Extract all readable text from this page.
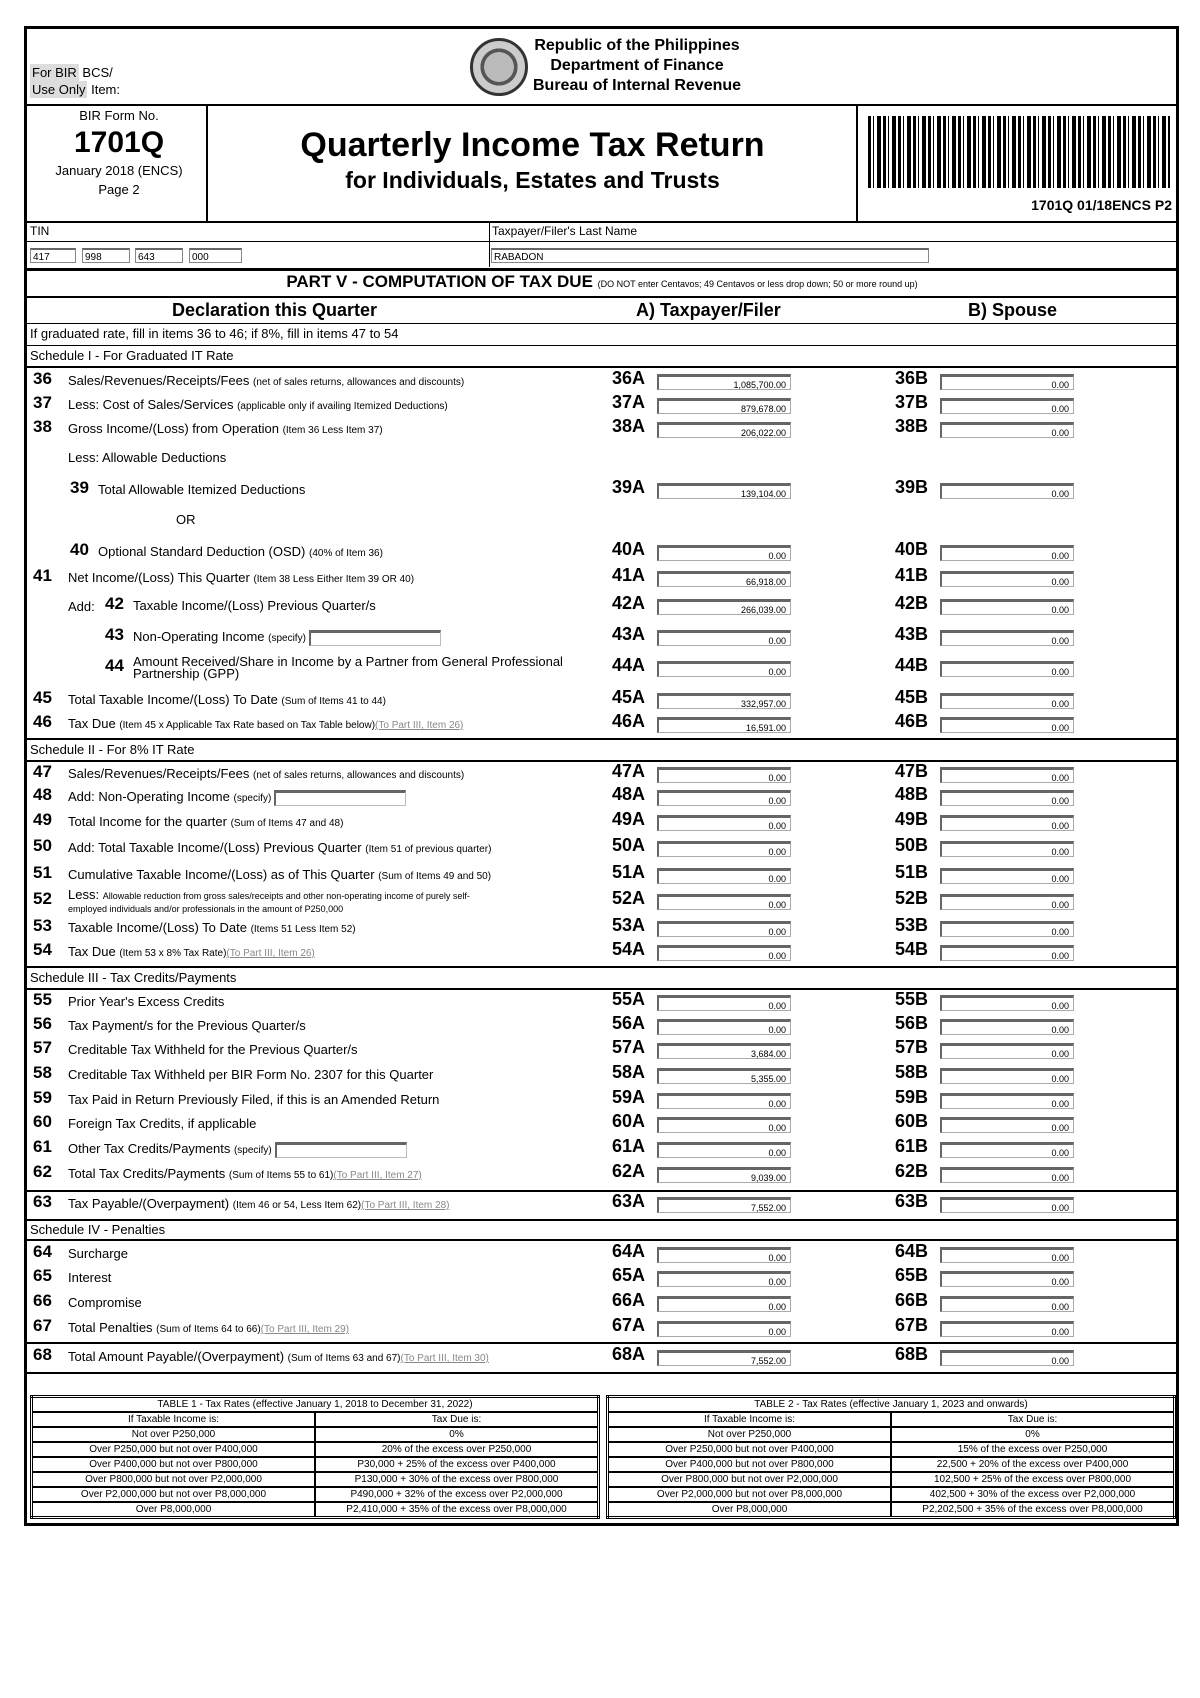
For BIR BCS/
Use Only Item:
Republic of the Philippines
Department of Finance
Bureau of Internal Revenue
BIR Form No.
1701Q
January 2018 (ENCS)
Page 2
Quarterly Income Tax Return
for Individuals, Estates and Trusts
1701Q 01/18ENCS P2
TIN	Taxpayer/Filer's Last Name
417	998	643	000	RABADON
PART V - COMPUTATION OF TAX DUE (DO NOT enter Centavos; 49 Centavos or less drop down; 50 or more round up)
Declaration this Quarter	A) Taxpayer/Filer	B) Spouse
If graduated rate, fill in items 36 to 46; if 8%, fill in items 47 to 54
Schedule I - For Graduated IT Rate
Less: Allowable Deductions
OR
Add:
Schedule II - For 8% IT Rate
Schedule III - Tax Credits/Payments
Schedule IV - Penalties
36 Sales/Revenues/Receipts/Fees (net of sales returns, allowances and discounts)	36A	1,085,700.00	36B	0.00
37 Less: Cost of Sales/Services (applicable only if availing Itemized Deductions)	37A	879,678.00	37B	0.00
38 Gross Income/(Loss) from Operation (Item 36 Less Item 37)	38A	206,022.00	38B	0.00
39 Total Allowable Itemized Deductions	39A	139,104.00	39B	0.00
40 Optional Standard Deduction (OSD) (40% of Item 36)	40A	0.00	40B	0.00
41 Net Income/(Loss) This Quarter (Item 38 Less Either Item 39 OR 40)	41A	66,918.00	41B	0.00
42 Taxable Income/(Loss) Previous Quarter/s	42A	266,039.00	42B	0.00
43 Non-Operating Income (specify)	43A	0.00	43B	0.00
44 Amount Received/Share in Income by a Partner from General Professional Partnership (GPP)	44A	0.00	44B	0.00
45 Total Taxable Income/(Loss) To Date (Sum of Items 41 to 44)	45A	332,957.00	45B	0.00
46 Tax Due (Item 45 x Applicable Tax Rate based on Tax Table below)(To Part III, Item 26)	46A	16,591.00	46B	0.00
47 Sales/Revenues/Receipts/Fees (net of sales returns, allowances and discounts)	47A	0.00	47B	0.00
48 Add: Non-Operating Income (specify)	48A	0.00	48B	0.00
49 Total Income for the quarter (Sum of Items 47 and 48)	49A	0.00	49B	0.00
50 Add: Total Taxable Income/(Loss) Previous Quarter (Item 51 of previous quarter)	50A	0.00	50B	0.00
51 Cumulative Taxable Income/(Loss) as of This Quarter (Sum of Items 49 and 50)	51A	0.00	51B	0.00
52 Less: Allowable reduction from gross sales/receipts and other non-operating income of purely self-employed individuals and/or professionals in the amount of P250,000
52A	0.00	52B	0.00
53 Taxable Income/(Loss) To Date (Items 51 Less Item 52)	53A	0.00	53B	0.00
54 Tax Due (Item 53 x 8% Tax Rate)(To Part III, Item 26)	54A	0.00	54B	0.00
55 Prior Year's Excess Credits	55A	0.00	55B	0.00
56 Tax Payment/s for the Previous Quarter/s	56A	0.00	56B	0.00
57 Creditable Tax Withheld for the Previous Quarter/s	57A	3,684.00	57B	0.00
58 Creditable Tax Withheld per BIR Form No. 2307 for this Quarter	58A	5,355.00	58B	0.00
59 Tax Paid in Return Previously Filed, if this is an Amended Return	59A	0.00	59B	0.00
60 Foreign Tax Credits, if applicable	60A	0.00	60B	0.00
61 Other Tax Credits/Payments (specify)	61A	0.00	61B	0.00
62 Total Tax Credits/Payments (Sum of Items 55 to 61)(To Part III, Item 27)	62A	9,039.00	62B	0.00
63 Tax Payable/(Overpayment) (Item 46 or 54, Less Item 62)(To Part III, Item 28)	63A	7,552.00	63B	0.00
64 Surcharge	64A	0.00	64B	0.00
65 Interest	65A	0.00	65B	0.00
66 Compromise	66A	0.00	66B	0.00
67 Total Penalties (Sum of Items 64 to 66)(To Part III, Item 29)	67A	0.00	67B	0.00
68 Total Amount Payable/(Overpayment) (Sum of Items 63 and 67)(To Part III, Item 30)	68A	7,552.00	68B	0.00
TABLE 1 - Tax Rates (effective January 1, 2018 to December 31, 2022)	
If Taxable Income is:	Tax Due is:
Not over P250,000	0%
Over P250,000 but not over P400,000	20% of the excess over P250,000
Over P400,000 but not over P800,000	P30,000 + 25% of the excess over P400,000
Over P800,000 but not over P2,000,000	P130,000 + 30% of the excess over P800,000
Over P2,000,000 but not over P8,000,000	P490,000 + 32% of the excess over P2,000,000
Over P8,000,000	P2,410,000 + 35% of the excess over P8,000,000
TABLE 2 - Tax Rates (effective January 1, 2023 and onwards)	
If Taxable Income is:	Tax Due is:
Not over P250,000	0%
Over P250,000 but not over P400,000	15% of the excess over P250,000
Over P400,000 but not over P800,000	22,500 + 20% of the excess over P400,000
Over P800,000 but not over P2,000,000	102,500 + 25% of the excess over P800,000
Over P2,000,000 but not over P8,000,000	402,500 + 30% of the excess over P2,000,000
Over P8,000,000	P2,202,500 + 35% of the excess over P8,000,000
